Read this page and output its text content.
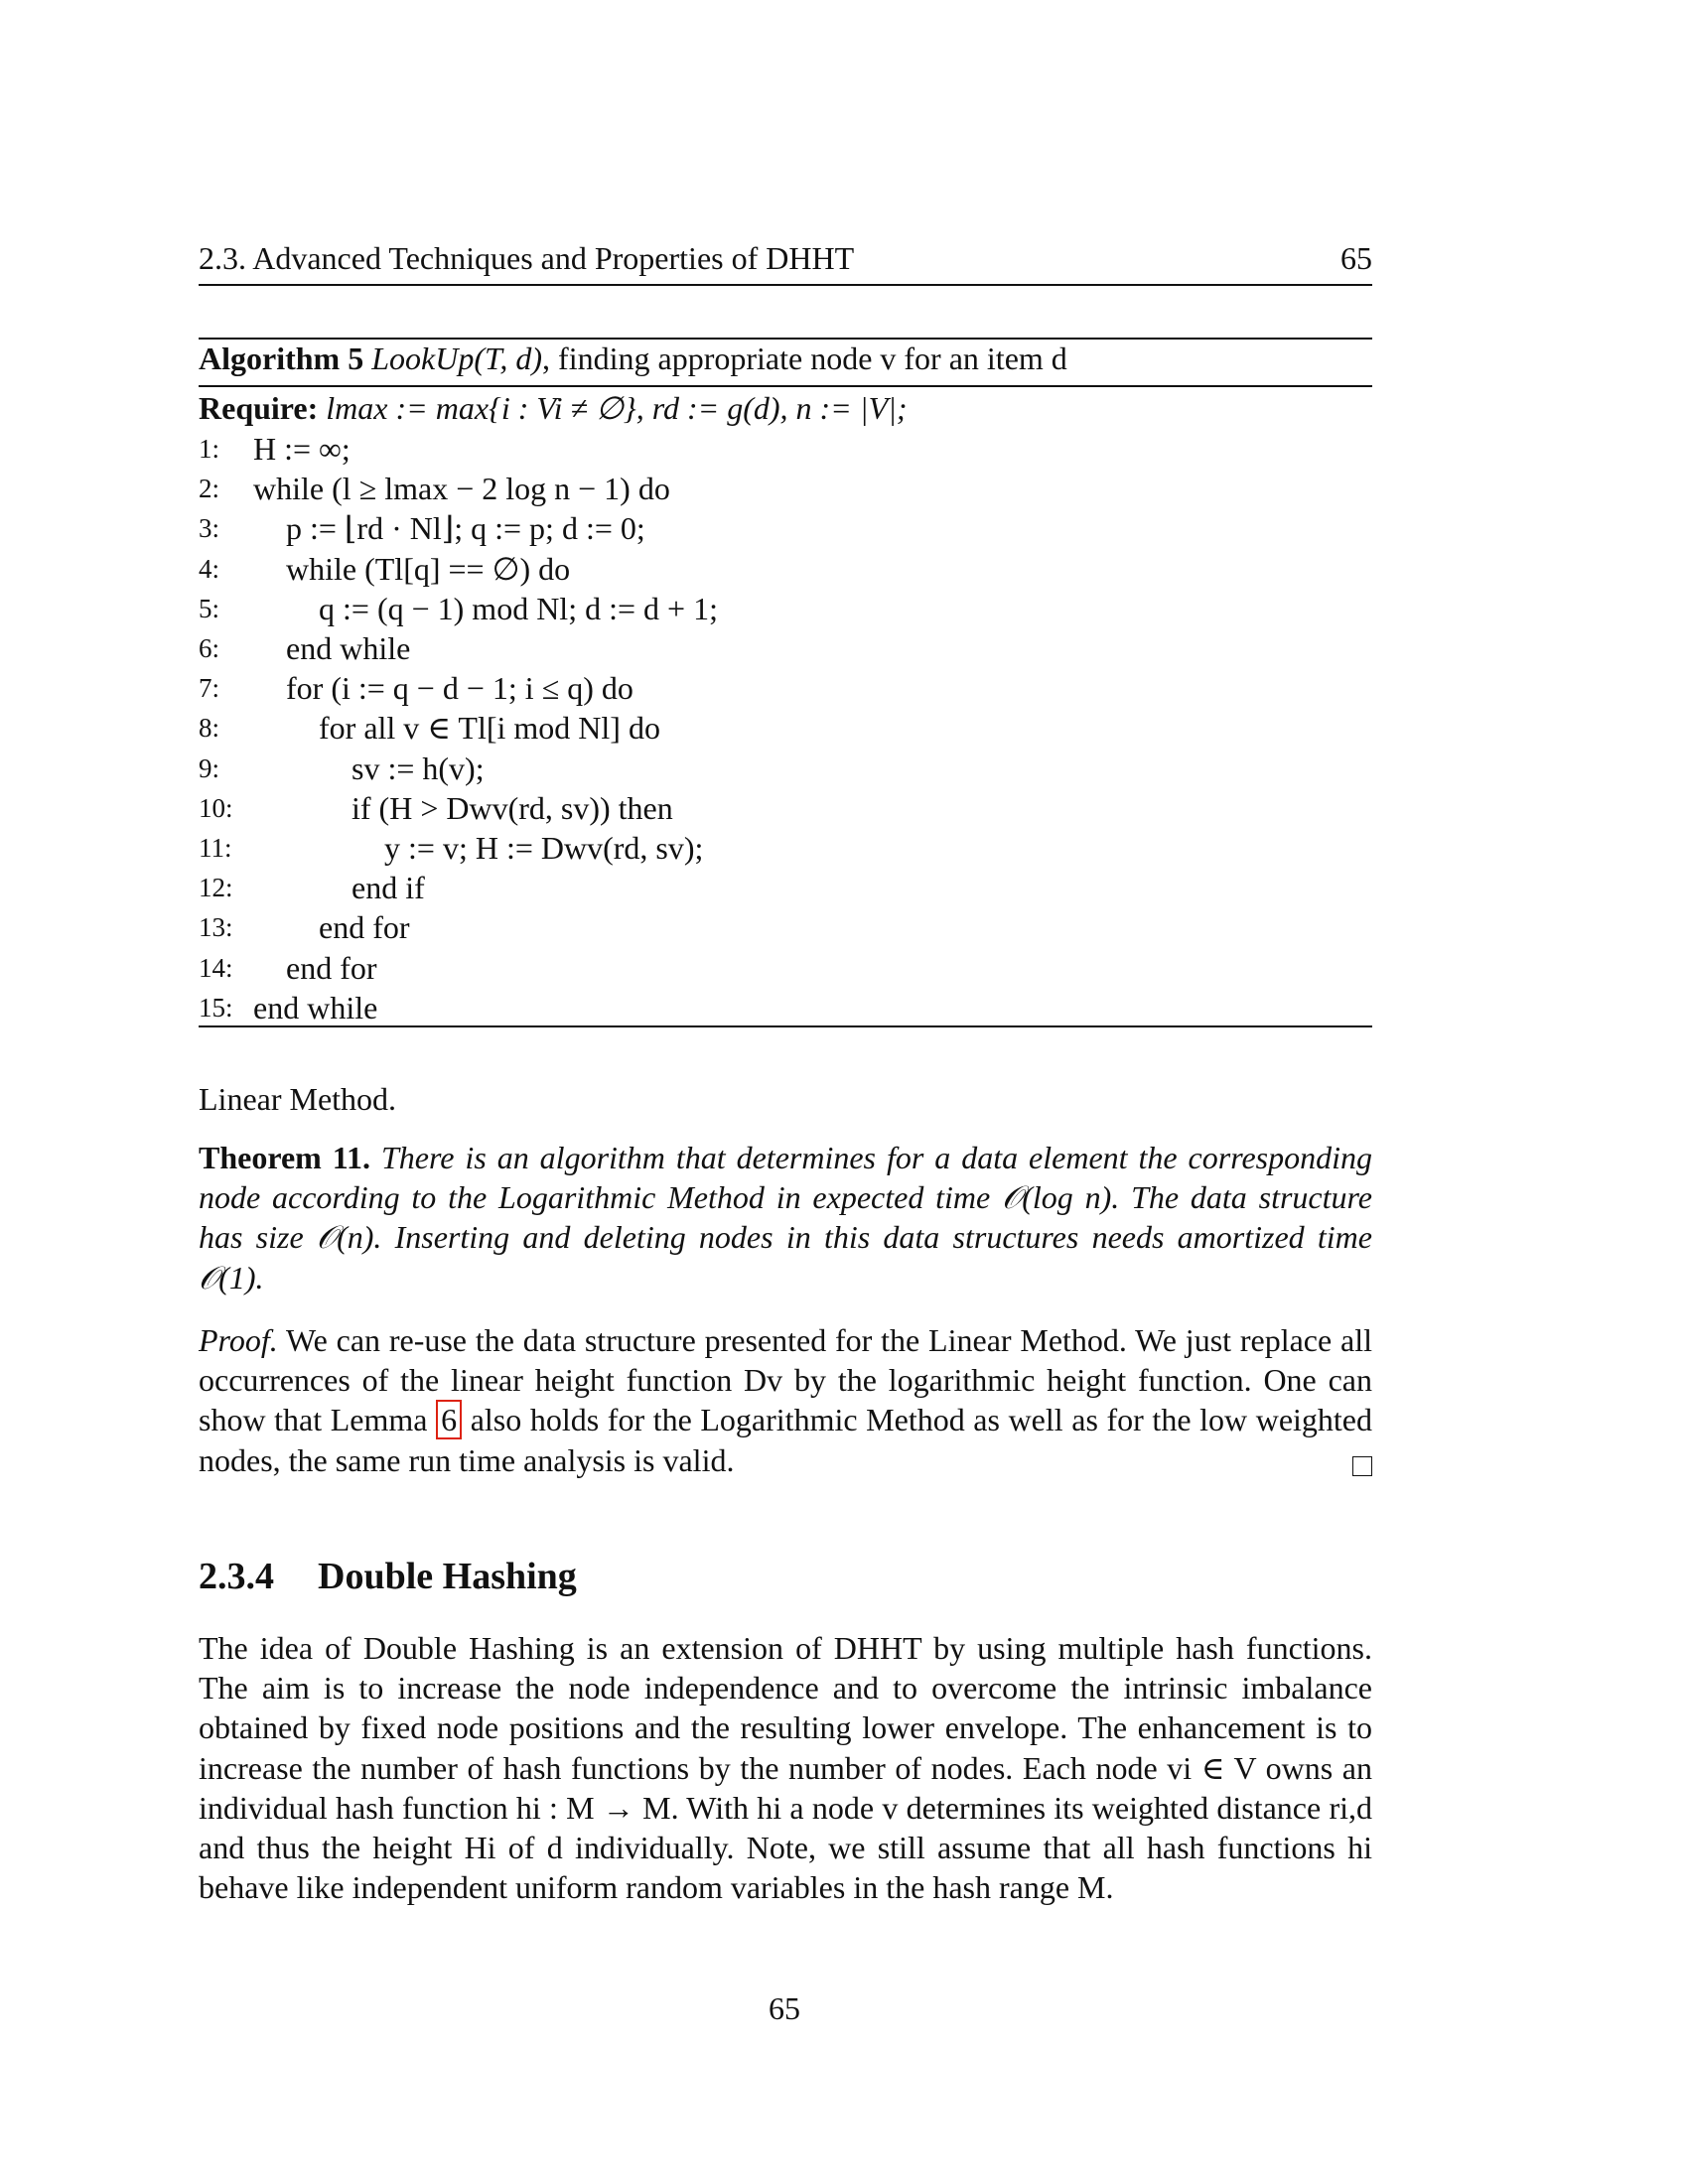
2.3. Advanced Techniques and Properties of DHHT	65
Algorithm 5 LookUp(T, d), finding appropriate node v for an item d
Require: lmax := max{i : Vi ≠ ∅}, rd := g(d), n := |V|;
1: H := ∞;
2: while (l ≥ lmax − 2 log n − 1) do
3: p := ⌊rd · Nl⌋; q := p; d := 0;
4: while (Tl[q] == ∅) do
5:	q := (q − 1) mod Nl; d := d + 1;
6: end while
7: for (i := q − d − 1; i ≤ q) do
8:	for all v ∈ Tl[i mod Nl] do
9:	sv := h(v);
10:	if (H > Dwv(rd, sv)) then
11:	y := v; H := Dwv(rd, sv);
12:	end if
13:	end for
14: end for
15: end while
Linear Method.
Theorem 11. There is an algorithm that determines for a data element the corresponding node according to the Logarithmic Method in expected time 𝒪(log n). The data structure has size 𝒪(n). Inserting and deleting nodes in this data structures needs amortized time 𝒪(1).
Proof. We can re-use the data structure presented for the Linear Method. We just replace all occurrences of the linear height function Dv by the logarithmic height function. One can show that Lemma 6 also holds for the Logarithmic Method as well as for the low weighted nodes, the same run time analysis is valid.
2.3.4 Double Hashing
The idea of Double Hashing is an extension of DHHT by using multiple hash functions. The aim is to increase the node independence and to overcome the intrinsic imbalance obtained by fixed node positions and the resulting lower envelope. The enhancement is to increase the number of hash functions by the number of nodes. Each node vi ∈ V owns an individual hash function hi : M → M. With hi a node v determines its weighted distance ri,d and thus the height Hi of d individually. Note, we still assume that all hash functions hi behave like independent uniform random variables in the hash range M.
65
